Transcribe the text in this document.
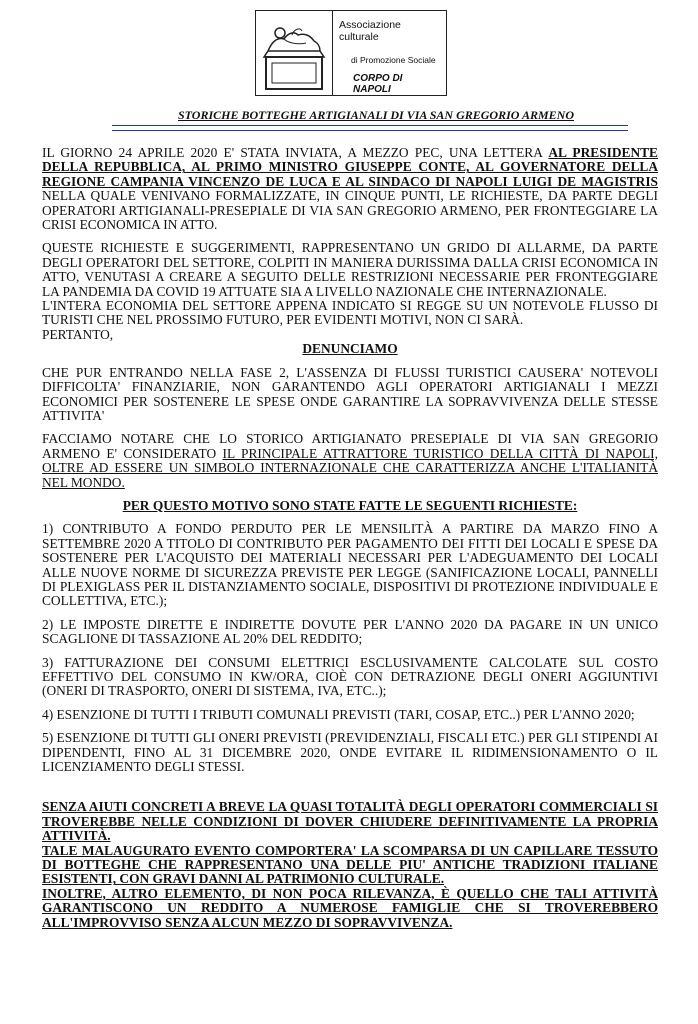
Associazione culturale

di Promozione Sociale

CORPO DI NAPOLI

STORICHE BOTTEGHE ARTIGIANALI DI VIA SAN GREGORIO ARMENO

IL GIORNO 24 APRILE 2020 E' STATA INVIATA, A MEZZO PEC, UNA LETTERA AL PRESIDENTE DELLA REPUBBLICA, AL PRIMO MINISTRO GIUSEPPE CONTE, AL GOVERNATORE DELLA REGIONE CAMPANIA VINCENZO DE LUCA E AL SINDACO DI NAPOLI LUIGI DE MAGISTRIS NELLA QUALE VENIVANO FORMALIZZATE, IN CINQUE PUNTI, LE RICHIESTE, DA PARTE DEGLI OPERATORI ARTIGIANALI-PRESEPIALE DI VIA SAN GREGORIO ARMENO, PER FRONTEGGIARE LA CRISI ECONOMICA IN ATTO.

QUESTE RICHIESTE E SUGGERIMENTI, RAPPRESENTANO UN GRIDO DI ALLARME, DA PARTE DEGLI OPERATORI DEL SETTORE, COLPITI IN MANIERA DURISSIMA DALLA CRISI ECONOMICA IN ATTO, VENUTASI A CREARE A SEGUITO DELLE RESTRIZIONI NECESSARIE PER FRONTEGGIARE LA PANDEMIA DA COVID 19 ATTUATE SIA A LIVELLO NAZIONALE CHE INTERNAZIONALE.

L'INTERA ECONOMIA DEL SETTORE APPENA INDICATO SI REGGE SU UN NOTEVOLE FLUSSO DI TURISTI CHE NEL PROSSIMO FUTURO, PER EVIDENTI MOTIVI, NON CI SARÀ.

PERTANTO,

DENUNCIAMO

CHE PUR ENTRANDO NELLA FASE 2, L'ASSENZA DI FLUSSI TURISTICI CAUSERA' NOTEVOLI DIFFICOLTA' FINANZIARIE, NON GARANTENDO AGLI OPERATORI ARTIGIANALI I MEZZI ECONOMICI PER SOSTENERE LE SPESE ONDE GARANTIRE LA SOPRAVVIVENZA DELLE STESSE ATTIVITA'

FACCIAMO NOTARE CHE LO STORICO ARTIGIANATO PRESEPIALE DI VIA SAN GREGORIO ARMENO E' CONSIDERATO IL PRINCIPALE ATTRATTORE TURISTICO DELLA CITTÀ DI NAPOLI, OLTRE AD ESSERE UN SIMBOLO INTERNAZIONALE CHE CARATTERIZZA ANCHE L'ITALIANITÀ NEL MONDO.

PER QUESTO MOTIVO SONO STATE FATTE LE SEGUENTI RICHIESTE:

1) CONTRIBUTO A FONDO PERDUTO PER LE MENSILITÀ A PARTIRE DA MARZO FINO A SETTEMBRE 2020 A TITOLO DI CONTRIBUTO PER PAGAMENTO DEI FITTI DEI LOCALI E SPESE DA SOSTENERE PER L'ACQUISTO DEI MATERIALI NECESSARI PER L'ADEGUAMENTO DEI LOCALI ALLE NUOVE NORME DI SICUREZZA PREVISTE PER LEGGE (SANIFICAZIONE LOCALI, PANNELLI DI PLEXIGLASS PER IL DISTANZIAMENTO SOCIALE, DISPOSITIVI DI PROTEZIONE INDIVIDUALE E COLLETTIVA, ETC.);

2) LE IMPOSTE DIRETTE E INDIRETTE DOVUTE PER L'ANNO 2020 DA PAGARE IN UN UNICO SCAGLIONE DI TASSAZIONE AL 20% DEL REDDITO;

3) FATTURAZIONE DEI CONSUMI ELETTRICI ESCLUSIVAMENTE CALCOLATE SUL COSTO EFFETTIVO DEL CONSUMO IN KW/ORA, CIOÈ CON DETRAZIONE DEGLI ONERI AGGIUNTIVI (ONERI DI TRASPORTO, ONERI DI SISTEMA, IVA, ETC..);

4) ESENZIONE DI TUTTI I TRIBUTI COMUNALI PREVISTI (TARI, COSAP, ETC..) PER L'ANNO 2020;

5) ESENZIONE DI TUTTI GLI ONERI PREVISTI (PREVIDENZIALI, FISCALI ETC.) PER GLI STIPENDI AI DIPENDENTI, FINO AL 31 DICEMBRE 2020, ONDE EVITARE IL RIDIMENSIONAMENTO O IL LICENZIAMENTO DEGLI STESSI.

SENZA AIUTI CONCRETI A BREVE LA QUASI TOTALITÀ DEGLI OPERATORI COMMERCIALI SI TROVEREBBE NELLE CONDIZIONI DI DOVER CHIUDERE DEFINITIVAMENTE LA PROPRIA ATTIVITÀ.

TALE MALAUGURATO EVENTO COMPORTERA' LA SCOMPARSA DI UN CAPILLARE TESSUTO DI BOTTEGHE CHE RAPPRESENTANO UNA DELLE PIU' ANTICHE TRADIZIONI ITALIANE ESISTENTI, CON GRAVI DANNI AL PATRIMONIO CULTURALE.

INOLTRE, ALTRO ELEMENTO, DI NON POCA RILEVANZA, È QUELLO CHE TALI ATTIVITÀ GARANTISCONO UN REDDITO A NUMEROSE FAMIGLIE CHE SI TROVEREBBERO ALL'IMPROVVISO SENZA ALCUN MEZZO DI SOPRAVVIVENZA.
